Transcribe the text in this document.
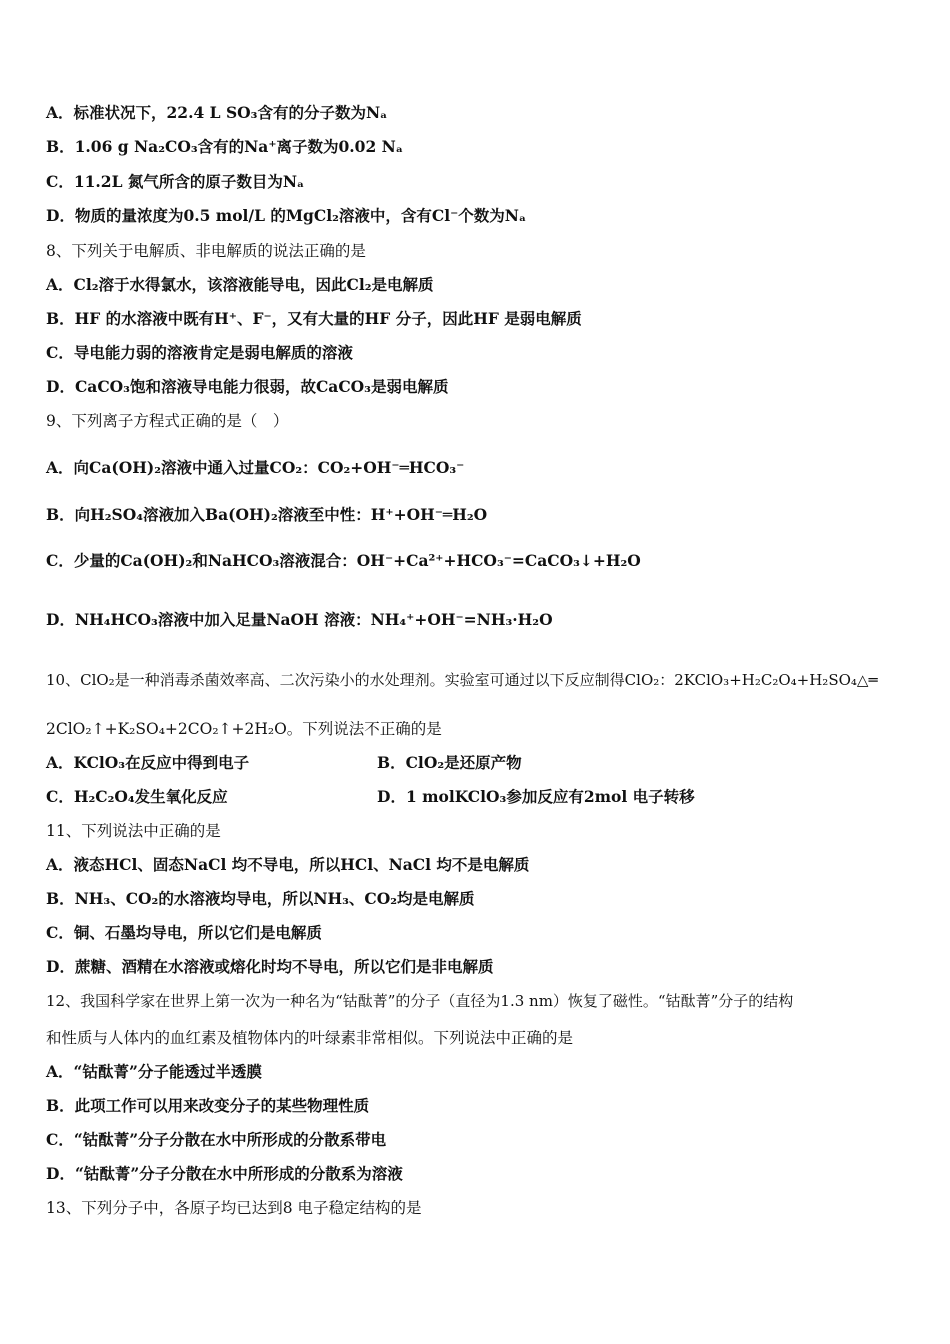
A．标准状况下，22.4 L SO₃含有的分子数为Nₐ
B．1.06 g Na₂CO₃含有的Na⁺离子数为0.02 Nₐ
C．11.2L 氮气所含的原子数目为Nₐ
D．物质的量浓度为0.5 mol/L 的MgCl₂溶液中，含有Cl⁻个数为Nₐ
8、下列关于电解质、非电解质的说法正确的是
A．Cl₂溶于水得氯水，该溶液能导电，因此Cl₂是电解质
B．HF 的水溶液中既有H⁺、F⁻，又有大量的HF 分子，因此HF 是弱电解质
C．导电能力弱的溶液肯定是弱电解质的溶液
D．CaCO₃饱和溶液导电能力很弱，故CaCO₃是弱电解质
9、下列离子方程式正确的是（　）
A．向Ca(OH)₂溶液中通入过量CO₂：CO₂+OH⁻═HCO₃⁻
B．向H₂SO₄溶液加入Ba(OH)₂溶液至中性：H⁺+OH⁻═H₂O
C．少量的Ca(OH)₂和NaHCO₃溶液混合：OH⁻+Ca²⁺+HCO₃⁻=CaCO₃↓+H₂O
D．NH₄HCO₃溶液中加入足量NaOH 溶液：NH₄⁺+OH⁻=NH₃·H₂O
10、ClO₂是一种消毒杀菌效率高、二次污染小的水处理剂。实验室可通过以下反应制得ClO₂：2KClO₃+H₂C₂O₄+H₂SO₄△═
2ClO₂↑+K₂SO₄+2CO₂↑+2H₂O。下列说法不正确的是
A．KClO₃在反应中得到电子	B．ClO₂是还原产物
C．H₂C₂O₄发生氧化反应	D．1 molKClO₃参加反应有2mol 电子转移
11、下列说法中正确的是
A．液态HCl、固态NaCl 均不导电，所以HCl、NaCl 均不是电解质
B．NH₃、CO₂的水溶液均导电，所以NH₃、CO₂均是电解质
C．铜、石墨均导电，所以它们是电解质
D．蔗糖、酒精在水溶液或熔化时均不导电，所以它们是非电解质
12、我国科学家在世界上第一次为一种名为“钴酞菁”的分子（直径为1.3 nm）恢复了磁性。“钴酞菁”分子的结构
和性质与人体内的血红素及植物体内的叶绿素非常相似。下列说法中正确的是
A．“钴酞菁”分子能透过半透膜
B．此项工作可以用来改变分子的某些物理性质
C．“钴酞菁”分子分散在水中所形成的分散系带电
D．“钴酞菁”分子分散在水中所形成的分散系为溶液
13、下列分子中，各原子均已达到8 电子稳定结构的是
